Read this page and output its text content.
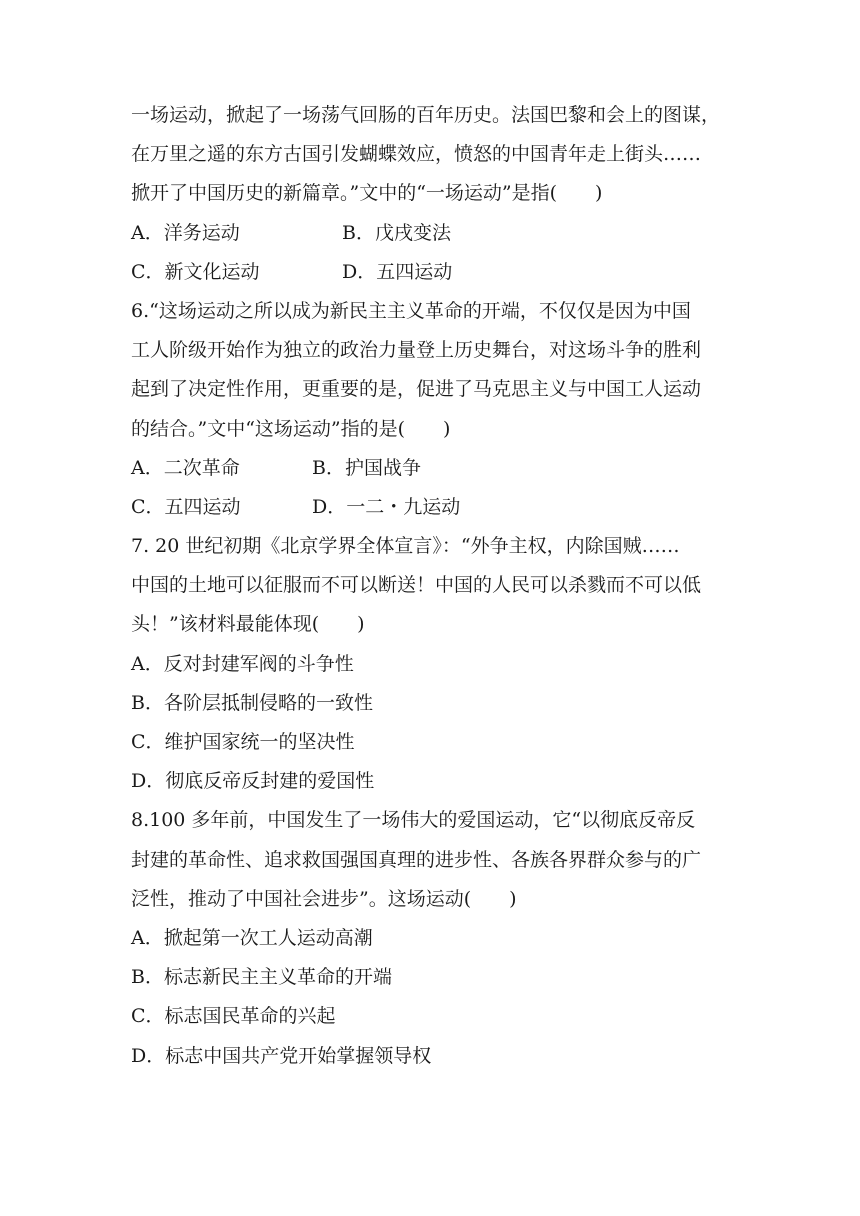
一场运动，掀起了一场荡气回肠的百年历史。法国巴黎和会上的图谋，
在万里之遥的东方古国引发蝴蝶效应，愤怒的中国青年走上街头……
掀开了中国历史的新篇章。”文中的“一场运动”是指(　　)
A．洋务运动	B．戊戌变法
C．新文化运动	D．五四运动
6.“这场运动之所以成为新民主主义革命的开端，不仅仅是因为中国
工人阶级开始作为独立的政治力量登上历史舞台，对这场斗争的胜利
起到了决定性作用，更重要的是，促进了马克思主义与中国工人运动
的结合。”文中“这场运动”指的是(　　)
A．二次革命	B．护国战争
C．五四运动	D．一二・九运动
7. 20 世纪初期《北京学界全体宣言》：“外争主权，内除国贼……
中国的土地可以征服而不可以断送！中国的人民可以杀戮而不可以低
头！”该材料最能体现(　　)
A．反对封建军阀的斗争性
B．各阶层抵制侵略的一致性
C．维护国家统一的坚决性
D．彻底反帝反封建的爱国性
8.100 多年前，中国发生了一场伟大的爱国运动，它“以彻底反帝反
封建的革命性、追求救国强国真理的进步性、各族各界群众参与的广
泛性，推动了中国社会进步”。这场运动(　　)
A．掀起第一次工人运动高潮
B．标志新民主主义革命的开端
C．标志国民革命的兴起
D．标志中国共产党开始掌握领导权
